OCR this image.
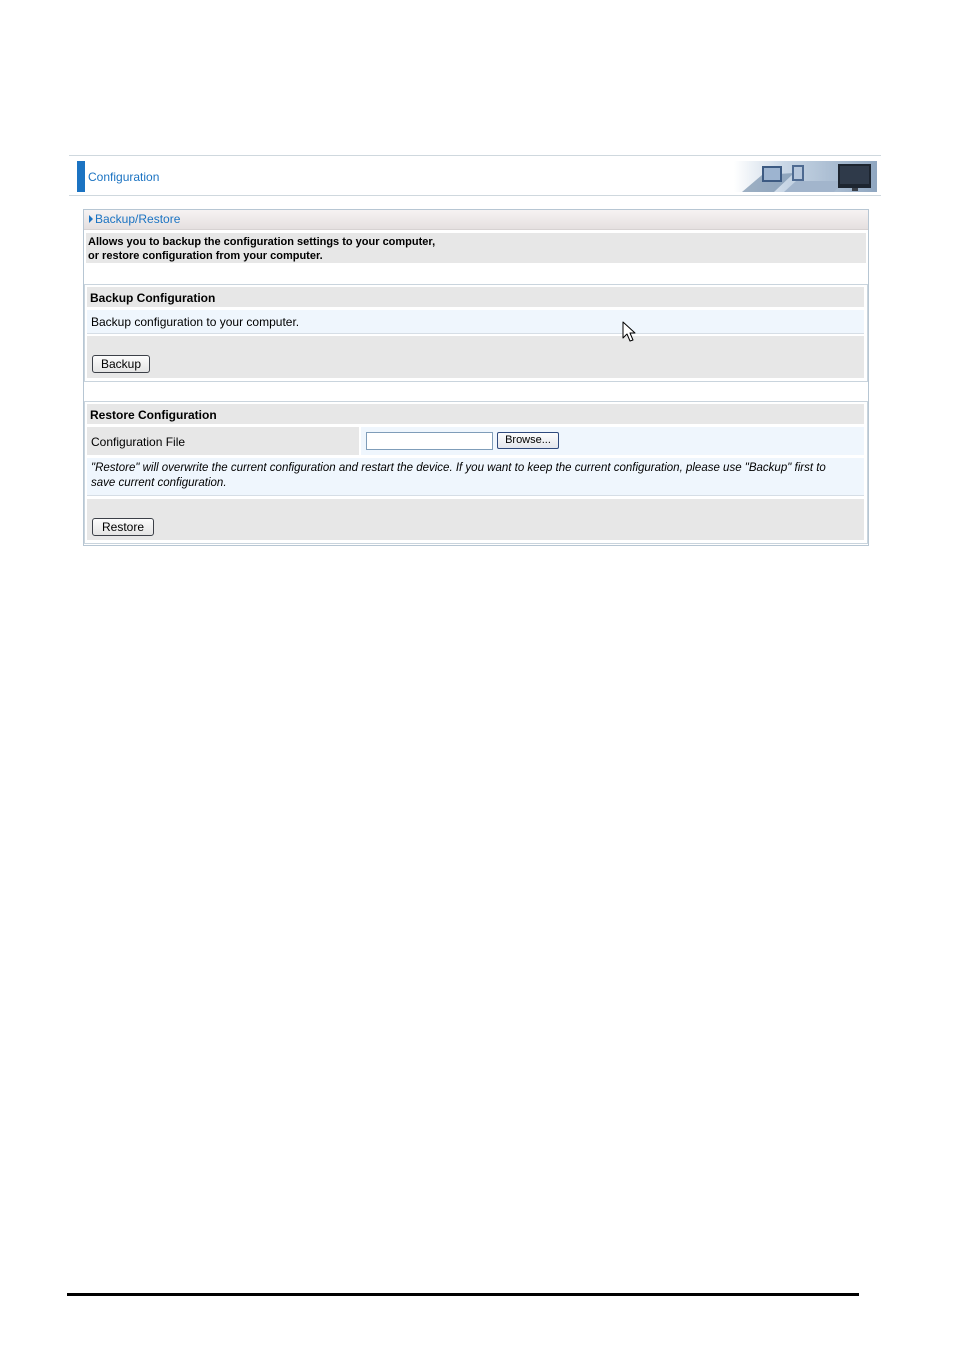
Configuration
Backup/Restore
Allows you to backup the configuration settings to your computer,
or restore configuration from your computer.
Backup Configuration
Backup configuration to your computer.
Backup
Restore Configuration
Configuration File	Browse...
"Restore" will overwrite the current configuration and restart the device. If you want to keep the current configuration, please use "Backup" first to
save current configuration.
Restore
